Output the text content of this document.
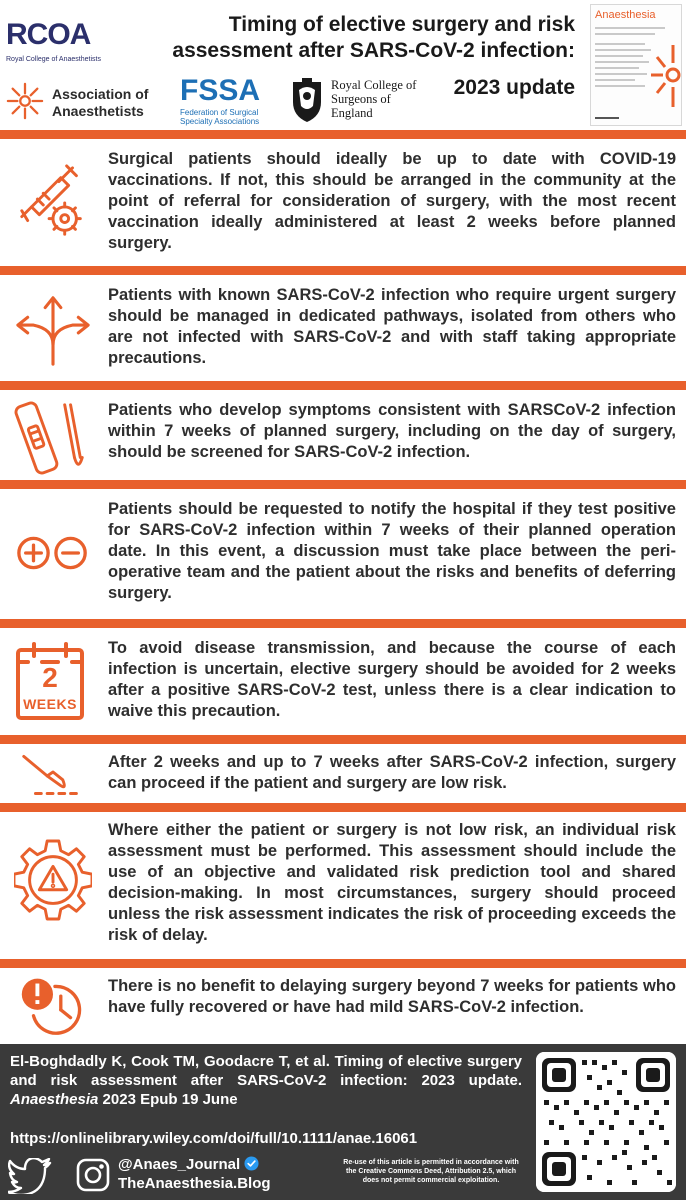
RCOA
Royal College of Anaesthetists
Association of Anaesthetists
FSSA
Federation of Surgical Specialty Associations
Royal College of Surgeons of England
Timing of elective surgery and risk assessment after SARS-CoV-2 infection:
2023 update
Anaesthesia
Surgical patients should ideally be up to date with COVID-19 vaccinations. If not, this should be arranged in the community at the point of referral for consideration of surgery, with the most recent vaccination ideally administered at least 2 weeks before planned surgery.
Patients with known SARS-CoV-2 infection who require urgent surgery should be managed in dedicated pathways, isolated from others who are not infected with SARS-CoV-2 and with staff taking appropriate precautions.
Patients who develop symptoms consistent with SARSCoV-2 infection within 7 weeks of planned surgery, including on the day of surgery, should be screened for SARS-CoV-2 infection.
Patients should be requested to notify the hospital if they test positive for SARS-CoV-2 infection within 7 weeks of their planned operation date. In this event, a discussion must take place between the peri-operative team and the patient about the risks and benefits of deferring surgery.
2
WEEKS
To avoid disease transmission, and because the course of each infection is uncertain, elective surgery should be avoided for 2 weeks after a positive SARS-CoV-2 test, unless there is a clear indication to waive this precaution.
After 2 weeks and up to 7 weeks after SARS-CoV-2 infection, surgery can proceed if the patient and surgery are low risk.
Where either the patient or surgery is not low risk, an individual risk assessment must be performed. This assessment should include the use of an objective and validated risk prediction tool and shared decision-making. In most circumstances, surgery should proceed unless the risk assessment indicates the risk of proceeding exceeds the risk of delay.
There is no benefit to delaying surgery beyond 7 weeks for patients who have fully recovered or have had mild SARS-CoV-2 infection.
El-Boghdadly K, Cook TM, Goodacre T, et al. Timing of elective surgery and risk assessment after SARS-CoV-2 infection: 2023 update. Anaesthesia 2023 Epub 19 June
https://onlinelibrary.wiley.com/doi/full/10.1111/anae.16061
@Anaes_Journal
TheAnaesthesia.Blog
Re-use of this article is permitted in accordance with the Creative Commons Deed, Attribution 2.5, which does not permit commercial exploitation.
